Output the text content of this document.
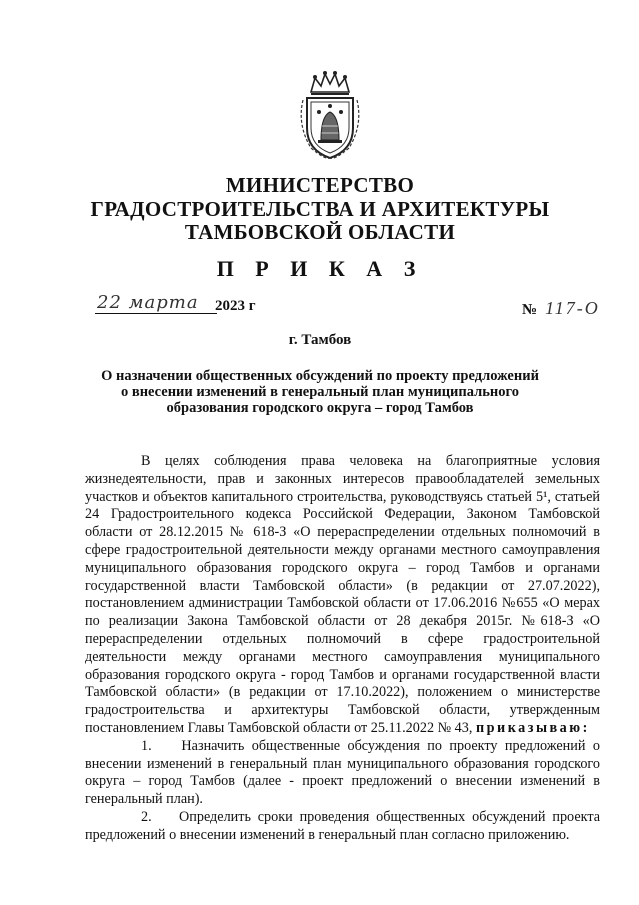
МИНИСТЕРСТВО
ГРАДОСТРОИТЕЛЬСТВА И АРХИТЕКТУРЫ
ТАМБОВСКОЙ ОБЛАСТИ
П Р И К А З
22 марта	2023 г	№ 117-О
г. Тамбов
О назначении общественных обсуждений по проекту предложений о внесении изменений в генеральный план муниципального образования городского округа – город Тамбов

В целях соблюдения права человека на благоприятные условия жизнедеятельности, прав и законных интересов правообладателей земельных участков и объектов капитального строительства, руководствуясь статьей 5¹, статьей 24 Градостроительного кодекса Российской Федерации, Законом Тамбовской области от 28.12.2015 № 618-З «О перераспределении отдельных полномочий в сфере градостроительной деятельности между органами местного самоуправления муниципального образования городского округа – город Тамбов и органами государственной власти Тамбовской области» (в редакции от 27.07.2022), постановлением администрации Тамбовской области от 17.06.2016 №655 «О мерах по реализации Закона Тамбовской области от 28 декабря 2015г. №618-З «О перераспределении отдельных полномочий в сфере градостроительной деятельности между органами местного самоуправления муниципального образования городского округа - город Тамбов и органами государственной власти Тамбовской области» (в редакции от 17.10.2022), положением о министерстве градостроительства и архитектуры Тамбовской области, утвержденным постановлением Главы Тамбовской области от 25.11.2022 № 43, приказываю:

1. Назначить общественные обсуждения по проекту предложений о внесении изменений в генеральный план муниципального образования городского округа – город Тамбов (далее - проект предложений о внесении изменений в генеральный план).

2. Определить сроки проведения общественных обсуждений проекта предложений о внесении изменений в генеральный план согласно приложению.
